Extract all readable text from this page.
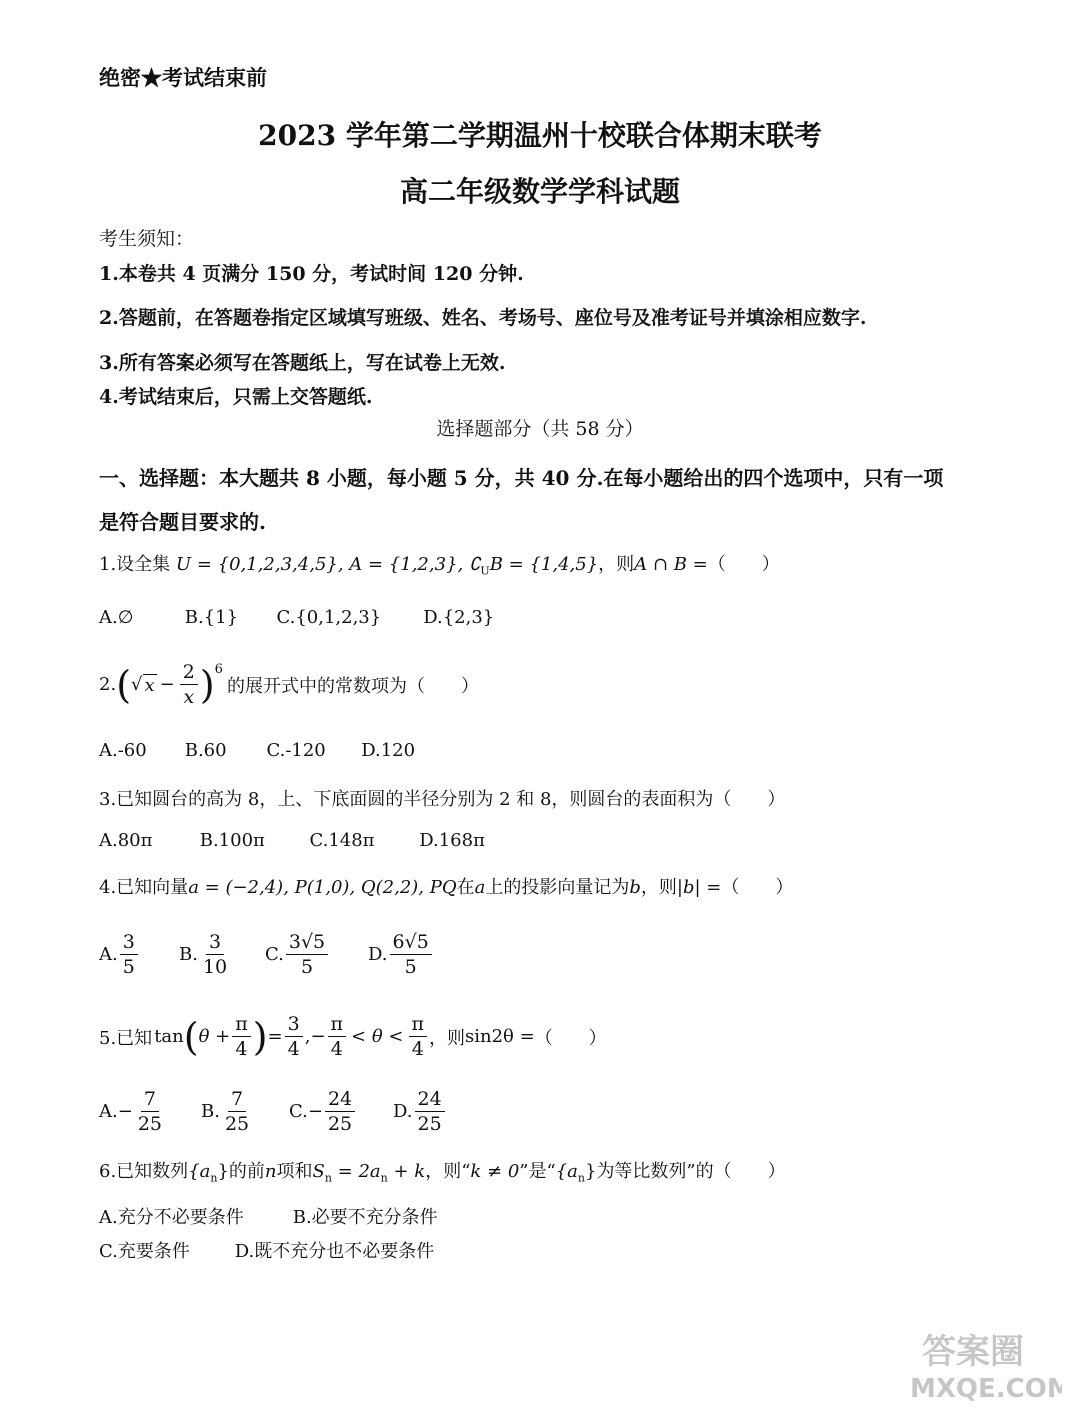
绝密★考试结束前
2023 学年第二学期温州十校联合体期末联考
高二年级数学学科试题
考生须知：
1.本卷共 4 页满分 150 分，考试时间 120 分钟.
2.答题前，在答题卷指定区域填写班级、姓名、考场号、座位号及准考证号并填涂相应数字.
3.所有答案必须写在答题纸上，写在试卷上无效.
4.考试结束后，只需上交答题纸.
选择题部分（共 58 分）
一、选择题：本大题共 8 小题，每小题 5 分，共 40 分.在每小题给出的四个选项中，只有一项
是符合题目要求的.
1.设全集 U = {0,1,2,3,4,5}, A = {1,2,3}, $∁_UB = \{1,4,5\}$，则A ∩ B =（　　）
A.∅	B.{1} C.{0,1,2,3} D.{2,3}
2. ( √ $x - \frac{2}{x} )^6$
的展开式中的常数项为（　　）
A.-60 B.60 C.-120 D.120
3.已知圆台的高为 8，上、下底面圆的半径分别为 2 和 8，则圆台的表面积为（　　）
A.80π	B.100π C.148π D.168π
4.已知向量a = (−2,4), P(1,0), Q(2,2), PQ在a上的投影向量记为b，则|b| =（　　）
A. $\frac{3}{5} B$. $\frac{3}{10} C$. $\frac{3√5}{5} D$. $\frac{6√5}{5}$
5.已知 tan ( $\theta + \frac{\pi}{4}$ ) = $\frac{3}{4}$ ,− $\frac{\pi}{4} < \theta < \frac{\pi}{4}$ ，则 sin2θ = （　　）
A. − $\frac{7}{25} B$. $\frac{7}{25} C$. − $\frac{24}{25} D$. $\frac{24}{25}$
6.已知数列$\{a_n\}$的前n项和$S_n = 2a_n + k$，则“k ≠ 0”是“$\{a_n\}$为等比数列”的（　　）
A.充分不必要条件	B.必要不充分条件
C.充要条件 D.既不充分也不必要条件
答案圈
MXQE.COM
